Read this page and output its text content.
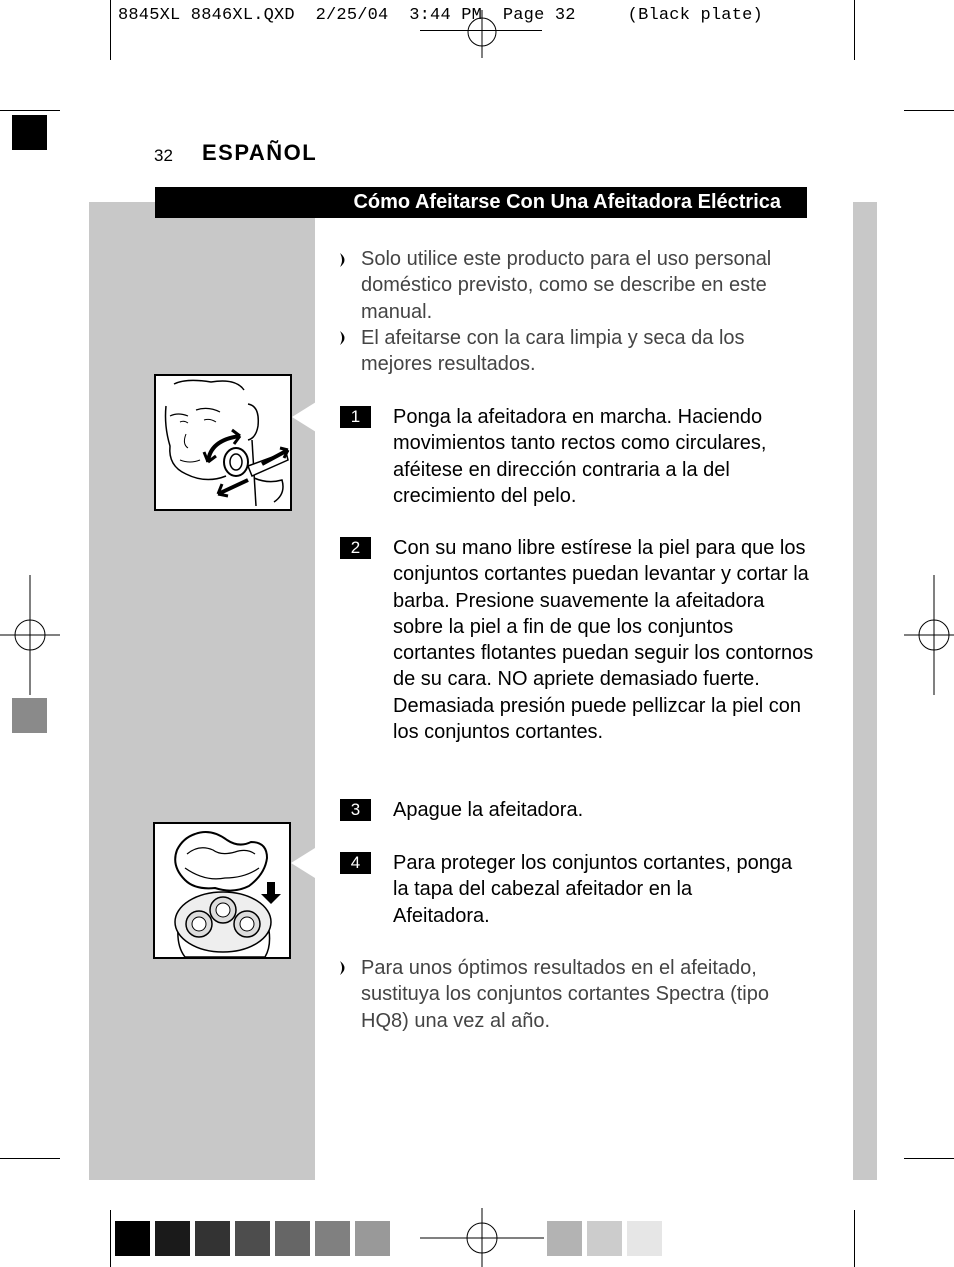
8845XL 8846XL.QXD  2/25/04  3:44 PM  Page 32     (Black plate)
32 ESPAÑOL
Cómo Afeitarse Con Una Afeitadora Eléctrica
Solo utilice este producto para el uso personal doméstico previsto, como se describe en este manual.
El afeitarse con la cara limpia y seca da los mejores resultados.
1	Ponga la afeitadora en marcha. Haciendo movimientos tanto rectos como circulares, aféitese en dirección contraria a la del crecimiento del pelo.
2	Con su mano libre estírese la piel para que los conjuntos cortantes puedan levantar y cortar la barba. Presione suavemente la afeitadora sobre la piel a fin de que los conjuntos cortantes flotantes puedan seguir los contornos de su cara. NO apriete demasiado fuerte. Demasiada presión puede pellizcar la piel con los conjuntos cortantes.
3	Apague la afeitadora.
4	Para proteger los conjuntos cortantes, ponga la tapa del cabezal afeitador en la Afeitadora.
Para unos óptimos resultados en el afeitado, sustituya los conjuntos cortantes Spectra (tipo HQ8) una vez al año.
